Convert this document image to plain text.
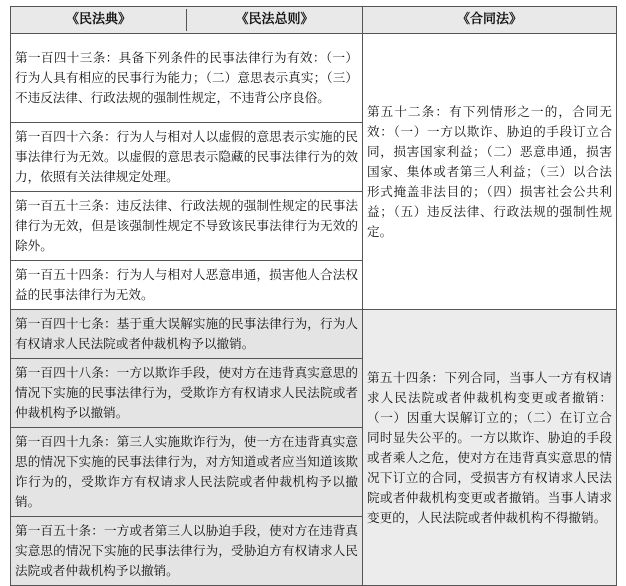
《民法典》 《民法总则》	《合同法》
第一百四十三条：具备下列条件的民事法律行为有效：（一）行为人具有相应的民事行为能力；（二）意思表示真实；（三）不违反法律、行政法规的强制性规定，不违背公序良俗。	第五十二条：有下列情形之一的，合同无效：（一）一方以欺诈、胁迫的手段订立合同，损害国家利益；（二）恶意串通，损害国家、集体或者第三人利益；（三）以合法形式掩盖非法目的；（四）损害社会公共利益；（五）违反法律、行政法规的强制性规定。
第一百四十六条：行为人与相对人以虚假的意思表示实施的民事法律行为无效。以虚假的意思表示隐藏的民事法律行为的效力，依照有关法律规定处理。	
第一百五十三条：违反法律、行政法规的强制性规定的民事法律行为无效，但是该强制性规定不导致该民事法律行为无效的除外。	
第一百五十四条：行为人与相对人恶意串通，损害他人合法权益的民事法律行为无效。	
第一百四十七条：基于重大误解实施的民事法律行为，行为人有权请求人民法院或者仲裁机构予以撤销。	第五十四条：下列合同，当事人一方有权请求人民法院或者仲裁机构变更或者撤销：（一）因重大误解订立的；（二）在订立合同时显失公平的。一方以欺诈、胁迫的手段或者乘人之危，使对方在违背真实意思的情况下订立的合同，受损害方有权请求人民法院或者仲裁机构变更或者撤销。当事人请求变更的，人民法院或者仲裁机构不得撤销。
第一百四十八条：一方以欺诈手段，使对方在违背真实意思的情况下实施的民事法律行为，受欺诈方有权请求人民法院或者仲裁机构予以撤销。	
第一百四十九条：第三人实施欺诈行为，使一方在违背真实意思的情况下实施的民事法律行为，对方知道或者应当知道该欺诈行为的，受欺诈方有权请求人民法院或者仲裁机构予以撤销。	
第一百五十条：一方或者第三人以胁迫手段，使对方在违背真实意思的情况下实施的民事法律行为，受胁迫方有权请求人民法院或者仲裁机构予以撤销。	
